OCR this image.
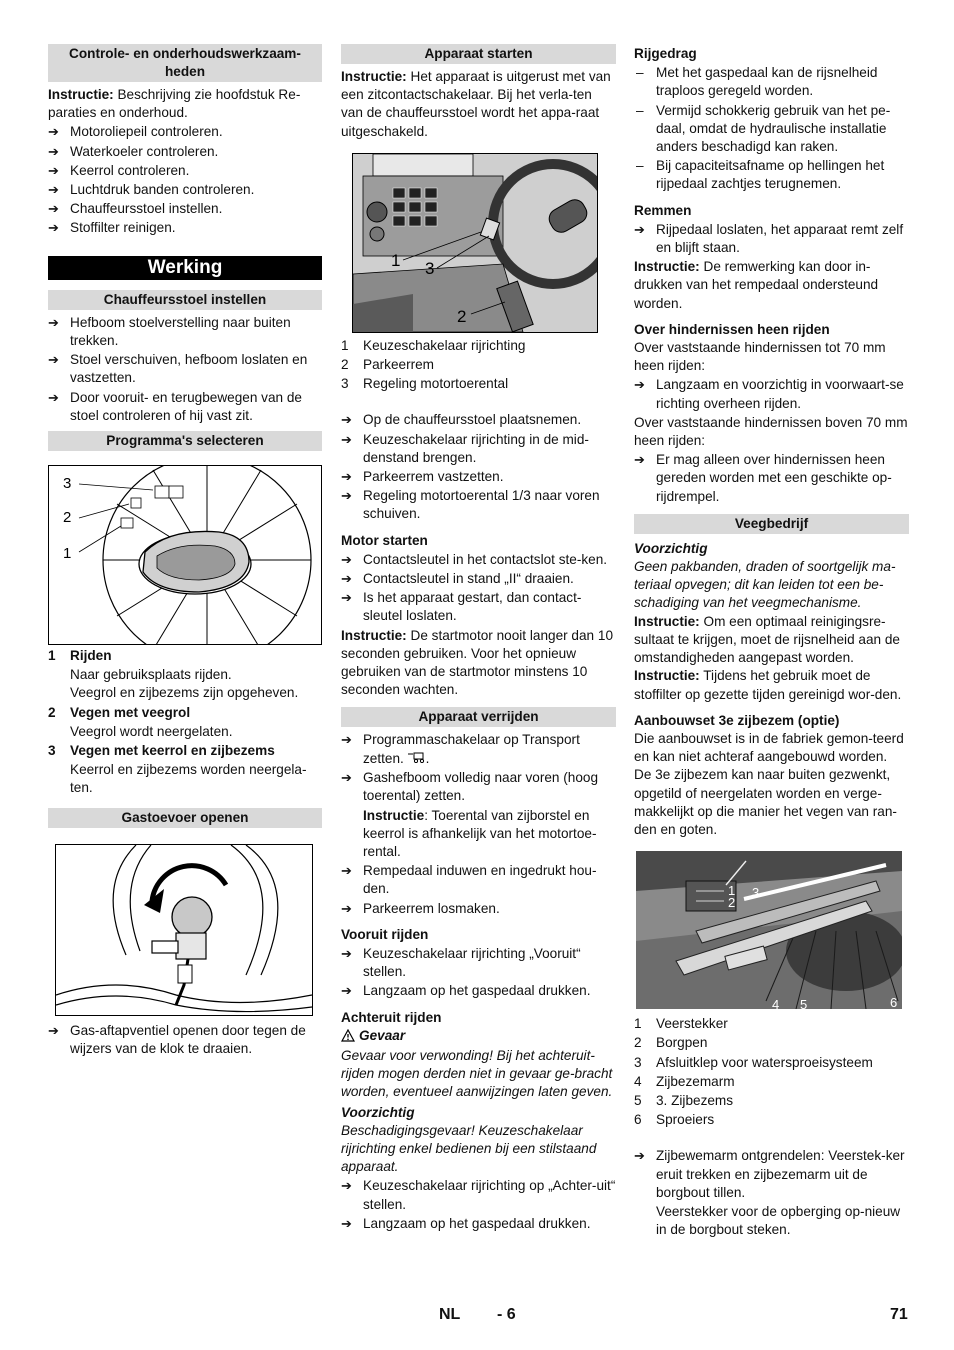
Controle- en onderhoudswerkzaam-heden

Instructie: Beschrijving zie hoofdstuk Re-paraties en onderhoud.

➔ Motoroliepeil controleren.
➔ Waterkoeler controleren.
➔ Keerrol controleren.
➔ Luchtdruk banden controleren.
➔ Chauffeursstoel instellen.
➔ Stoffilter reinigen.
Werking
Chauffeursstoel instellen
➔ Hefboom stoelverstelling naar buiten trekken.
➔ Stoel verschuiven, hefboom loslaten en vastzetten.
➔ Door vooruit- en terugbewegen van de stoel controleren of hij vast zit.
Programma's selecteren
3
2
1
1	Rijden
Naar gebruiksplaats rijden.
Veegrol en zijbezems zijn opgeheven.
2	Vegen met veegrol
Veegrol wordt neergelaten.
3	Vegen met keerrol en zijbezems
Keerrol en zijbezems worden neergela-ten.
Gastoevoer openen
➔ Gas-aftapventiel openen door tegen de wijzers van de klok te draaien.
Apparaat starten

Instructie: Het apparaat is uitgerust met van een zitcontactschakelaar. Bij het verla-ten van de chauffeursstoel wordt het appa-raat uitgeschakeld.

1 3
2
1	Keuzeschakelaar rijrichting
2	Parkeerrem
3	Regeling motortoerental
➔ Op de chauffeursstoel plaatsnemen.
➔ Keuzeschakelaar rijrichting in de mid-denstand brengen.
➔ Parkeerrem vastzetten.
➔ Regeling motortoerental 1/3 naar voren schuiven.
Motor starten
➔ Contactsleutel in het contactslot ste-ken.
➔ Contactsleutel in stand „II“ draaien.
➔ Is het apparaat gestart, dan contact-sleutel loslaten.

Instructie: De startmotor nooit langer dan 10 seconden gebruiken. Voor het opnieuw gebruiken van de startmotor minstens 10 seconden wachten.

Apparaat verrijden
➔ Programmaschakelaar op Transport zetten. .
➔ Gashefboom volledig naar voren (hoog toerental) zetten.
Instructie: Toerental van zijborstel en keerrol is afhankelijk van het motortoe-rental.
➔ Rempedaal induwen en ingedrukt hou-den.
➔ Parkeerrem losmaken.
Vooruit rijden
➔ Keuzeschakelaar rijrichting „Vooruit“ stellen.
➔ Langzaam op het gaspedaal drukken.
Achteruit rijden
Gevaar

Gevaar voor verwonding! Bij het achteruit-rijden mogen derden niet in gevaar ge-bracht worden, eventueel aanwijzingen laten geven.

Voorzichtig

Beschadigingsgevaar! Keuzeschakelaar rijrichting enkel bedienen bij een stilstaand apparaat.

➔ Keuzeschakelaar rijrichting op „Achter-uit“ stellen.
➔ Langzaam op het gaspedaal drukken.
Rijgedrag
– Met het gaspedaal kan de rijsnelheid traploos geregeld worden.
– Vermijd schokkerig gebruik van het pe-daal, omdat de hydraulische installatie anders beschadigd kan raken.
– Bij capaciteitsafname op hellingen het rijpedaal zachtjes terugnemen.
Remmen
➔ Rijpedaal loslaten, het apparaat remt zelf en blijft staan.

Instructie: De remwerking kan door in-drukken van het rempedaal ondersteund worden.

Over hindernissen heen rijden

Over vaststaande hindernissen tot 70 mm heen rijden:

➔ Langzaam en voorzichtig in voorwaart-se richting overheen rijden.

Over vaststaande hindernissen boven 70 mm heen rijden:

➔ Er mag alleen over hindernissen heen gereden worden met een geschikte op-rijdrempel.
Veegbedrijf
Voorzichtig

Geen pakbanden, draden of soortgelijk ma-teriaal opvegen; dit kan leiden tot een be-schadiging van het veegmechanisme.

Instructie: Om een optimaal reinigingsre-sultaat te krijgen, moet de rijsnelheid aan de omstandigheden aangepast worden.

Instructie: Tijdens het gebruik moet de stoffilter op gezette tijden gereinigd wor-den.

Aanbouwset 3e zijbezem (optie)

Die aanbouwset is in de fabriek gemon-teerd en kan niet achteraf aangebouwd worden.

De 3e zijbezem kan naar buiten gezwenkt, opgetild of neergelaten worden en verge-makkelijkt op die manier het vegen van ran-den en goten.

1
2
3
4 5	6
1	Veerstekker
2	Borgpen
3	Afsluitklep voor watersproeisysteem
4	Zijbezemarm
5	3. Zijbezems
6	Sproeiers
➔ Zijbewemarm ontgrendelen: Veerstek-ker eruit trekken en zijbezemarm uit de borgbout tillen.
Veerstekker voor de opberging op-nieuw in de borgbout steken.
NL - 6	71
